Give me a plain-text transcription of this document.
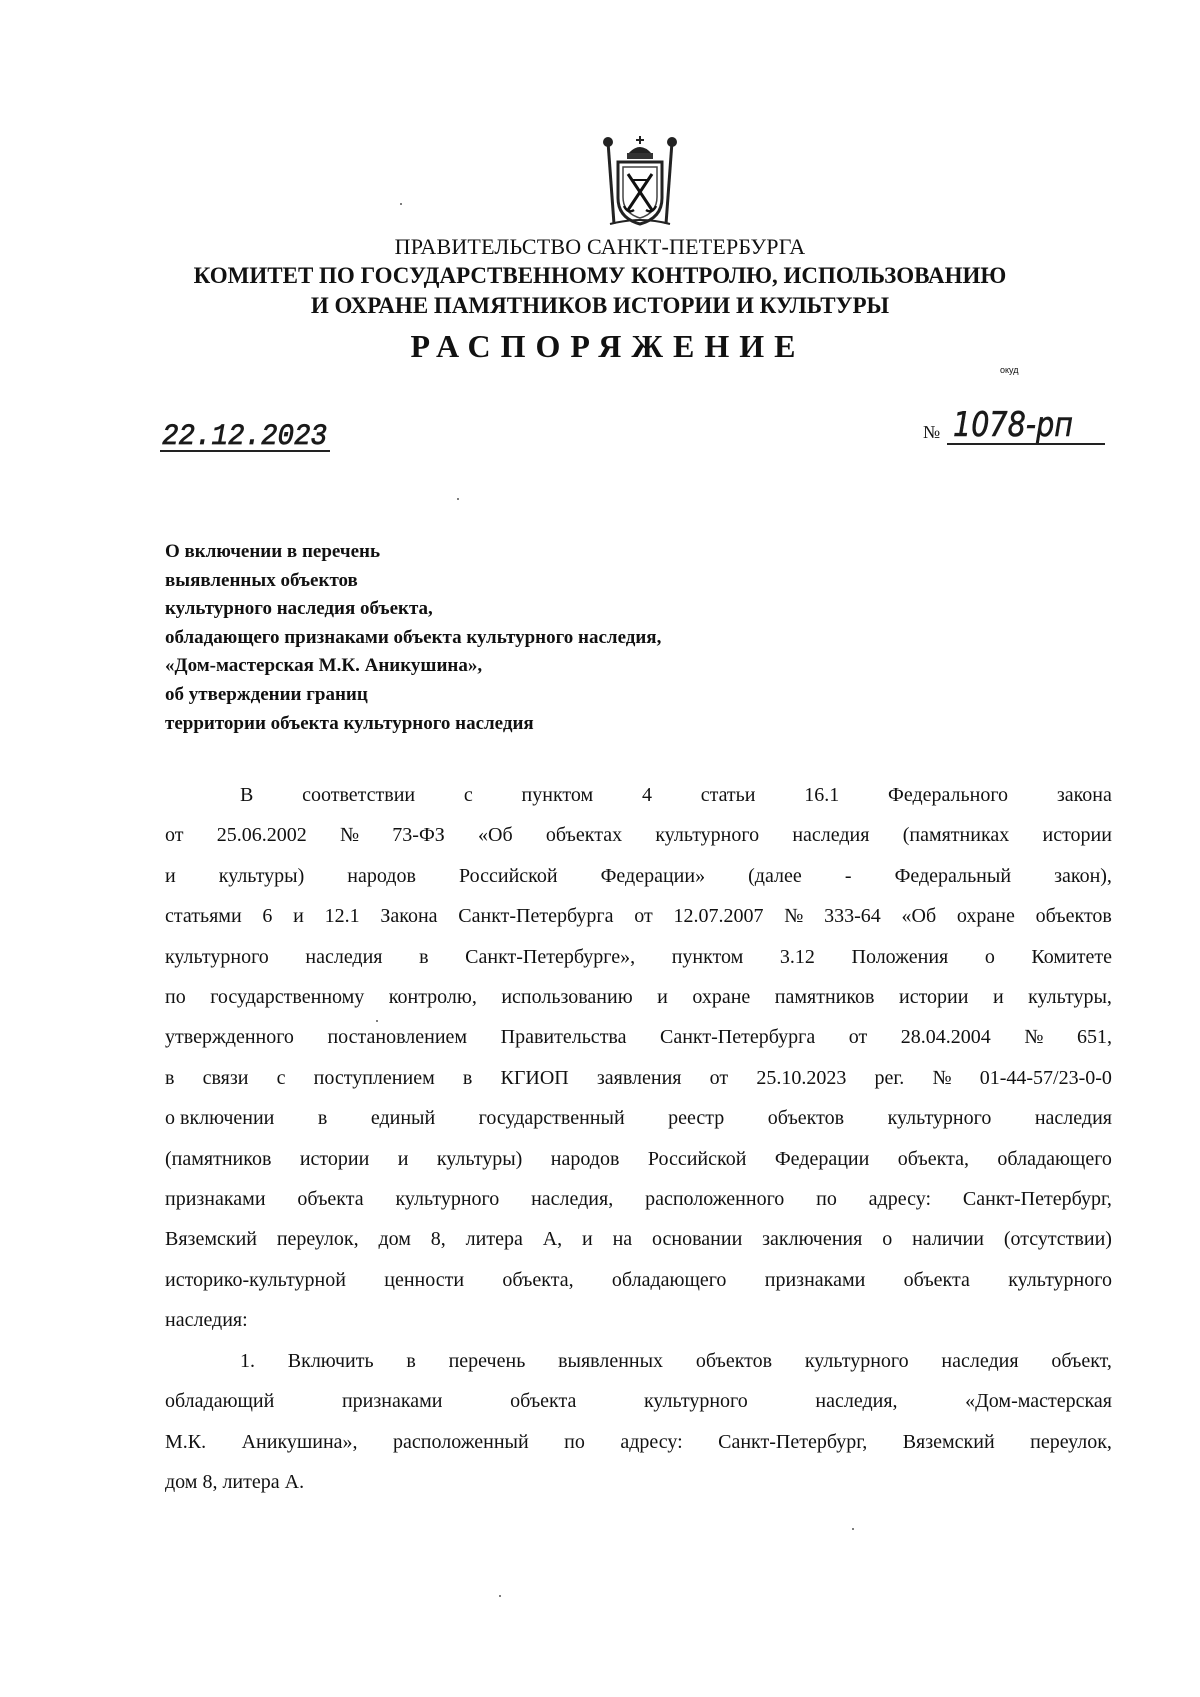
ПРАВИТЕЛЬСТВО САНКТ-ПЕТЕРБУРГА
КОМИТЕТ ПО ГОСУДАРСТВЕННОМУ КОНТРОЛЮ, ИСПОЛЬЗОВАНИЮ
И ОХРАНЕ ПАМЯТНИКОВ ИСТОРИИ И КУЛЬТУРЫ
РАСПОРЯЖЕНИЕ
окуд
22.12.2023	№ 1078-рп
О включении в перечень
выявленных объектов
культурного наследия объекта,
обладающего признаками объекта культурного наследия,
«Дом-мастерская М.К. Аникушина»,
об утверждении границ
территории объекта культурного наследия
В соответствии с пунктом 4 статьи 16.1 Федерального закона
от 25.06.2002 № 73-ФЗ «Об объектах культурного наследия (памятниках истории
и культуры) народов Российской Федерации» (далее - Федеральный закон),
статьями 6 и 12.1 Закона Санкт-Петербурга от 12.07.2007 № 333-64 «Об охране объектов
культурного наследия в Санкт-Петербурге», пунктом 3.12 Положения о Комитете
по государственному контролю, использованию и охране памятников истории и культуры,
утвержденного постановлением Правительства Санкт-Петербурга от 28.04.2004 № 651,
в связи с поступлением в КГИОП заявления от 25.10.2023 рег. № 01-44-57/23-0-0
о включении в единый государственный реестр объектов культурного наследия
(памятников истории и культуры) народов Российской Федерации объекта, обладающего
признаками объекта культурного наследия, расположенного по адресу: Санкт-Петербург,
Вяземский переулок, дом 8, литера А, и на основании заключения о наличии (отсутствии)
историко-культурной ценности объекта, обладающего признаками объекта культурного
наследия:
1. Включить в перечень выявленных объектов культурного наследия объект,
обладающий	признаками	объекта	культурного	наследия,	«Дом-мастерская
М.К. Аникушина», расположенный по адресу: Санкт-Петербург, Вяземский переулок,
дом 8, литера А.
